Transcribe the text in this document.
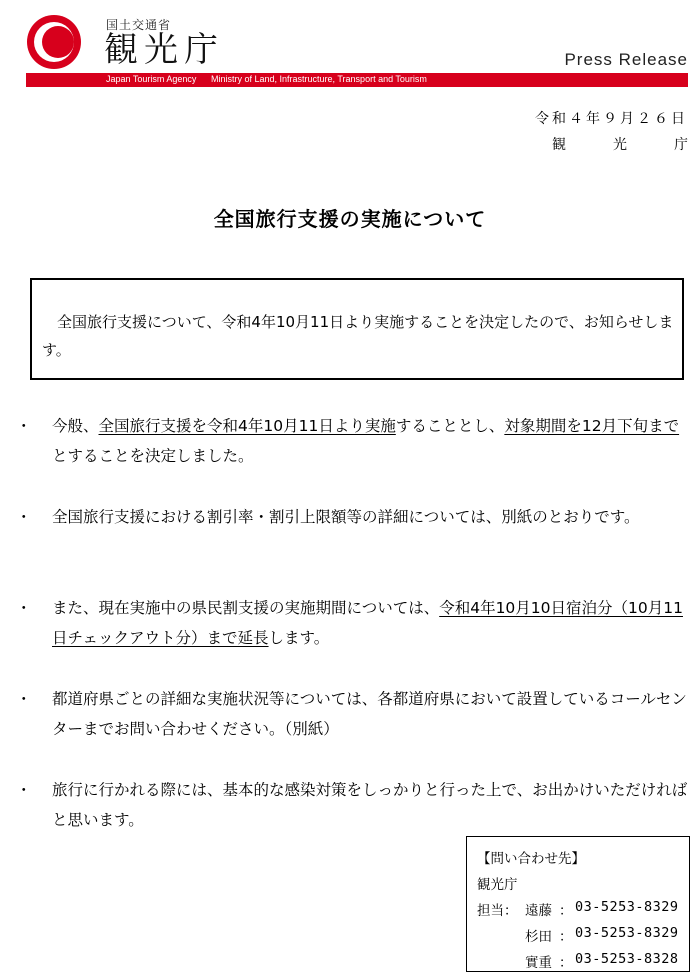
国土交通省
観光庁	Press Release
Japan Tourism Agency Ministry of Land, Infrastructure, Transport and Tourism
令和４年９月２６日
観	光	庁
全国旅行支援の実施について

全国旅行支援について、令和4年10月11日より実施することを決定したので、お知らせします。

・ 今般、全国旅行支援を令和4年10月11日より実施することとし、対象期間を12月下旬までとすることを決定しました。
・ 全国旅行支援における割引率・割引上限額等の詳細については、別紙のとおりです。
・ また、現在実施中の県民割支援の実施期間については、令和4年10月10日宿泊分（10月11日チェックアウト分）まで延長します。
・ 都道府県ごとの詳細な実施状況等については、各都道府県において設置しているコールセンターまでお問い合わせください。（別紙）
・ 旅行に行かれる際には、基本的な感染対策をしっかりと行った上で、お出かけいただければと思います。
【問い合わせ先】
観光庁
担当： 遠藤 ： 03-5253-8329
杉田 ： 03-5253-8329
實重 ： 03-5253-8328
